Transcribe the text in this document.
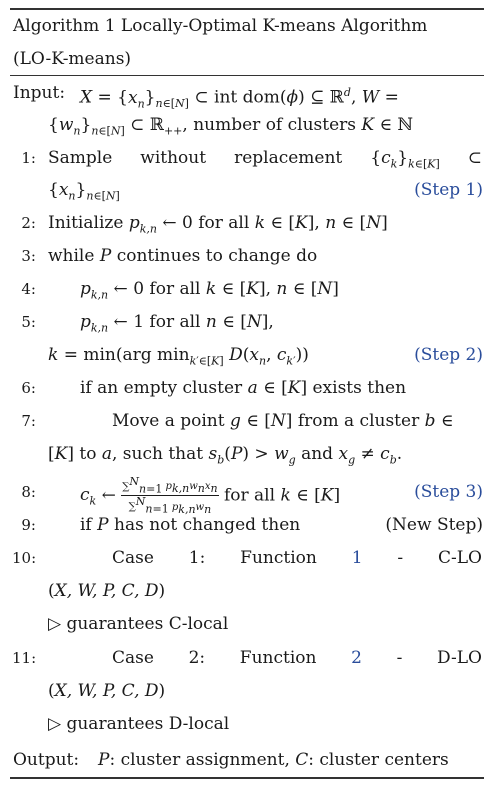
Algorithm 1 Locally-Optimal K-means Algorithm
(LO-K-means)
Input: $X = \{x_n\}_{n\in[N]}$ ⊂ int dom(ϕ) ⊆ ℝ$^d$, W =
$\{w_n\}_{n\in[N]}$ ⊂ ℝ$_{++}$, number of clusters K ∈ ℕ
1: Sample without replacement $\{c_k\}_{k\in[K]}$ ⊂
$\{x_n\}_{n\in[N]}$	(Step 1)
2: Initialize $p_{k,n}$ ← 0 for all k ∈ [K], n ∈ [N]
3: while P continues to change do
4:	$p_{k,n}$ ← 0 for all k ∈ [K], n ∈ [N]
5:	$p_{k,n}$ ← 1 for all n ∈ [N],
k = min(arg $\min_{k'\in[K]} D(x_n$, $c_{k'}$))	(Step 2)
6:	if an empty cluster a ∈ [K] exists then
7:	Move a point g ∈ [N] from a cluster b ∈
[K] to a, such that $s_b(P) > w_g$ and $x_g \ne c_b$.
8:	$c_k$ ← $\frac{\sum^N_{n=1} p_{k,n}w_nx_n}{\sum^N_{n=1} p_{k,n}w_n}$ for all k ∈ [K]	(Step 3)
9:	if P has not changed then	(New Step)
10:	Case 1: Function 1 - C-LO
(X, W, P, C, D)
▷ guarantees C-local
11:	Case 2: Function 2 - D-LO
(X, W, P, C, D)
▷ guarantees D-local
Output: P: cluster assignment, C: cluster centers
